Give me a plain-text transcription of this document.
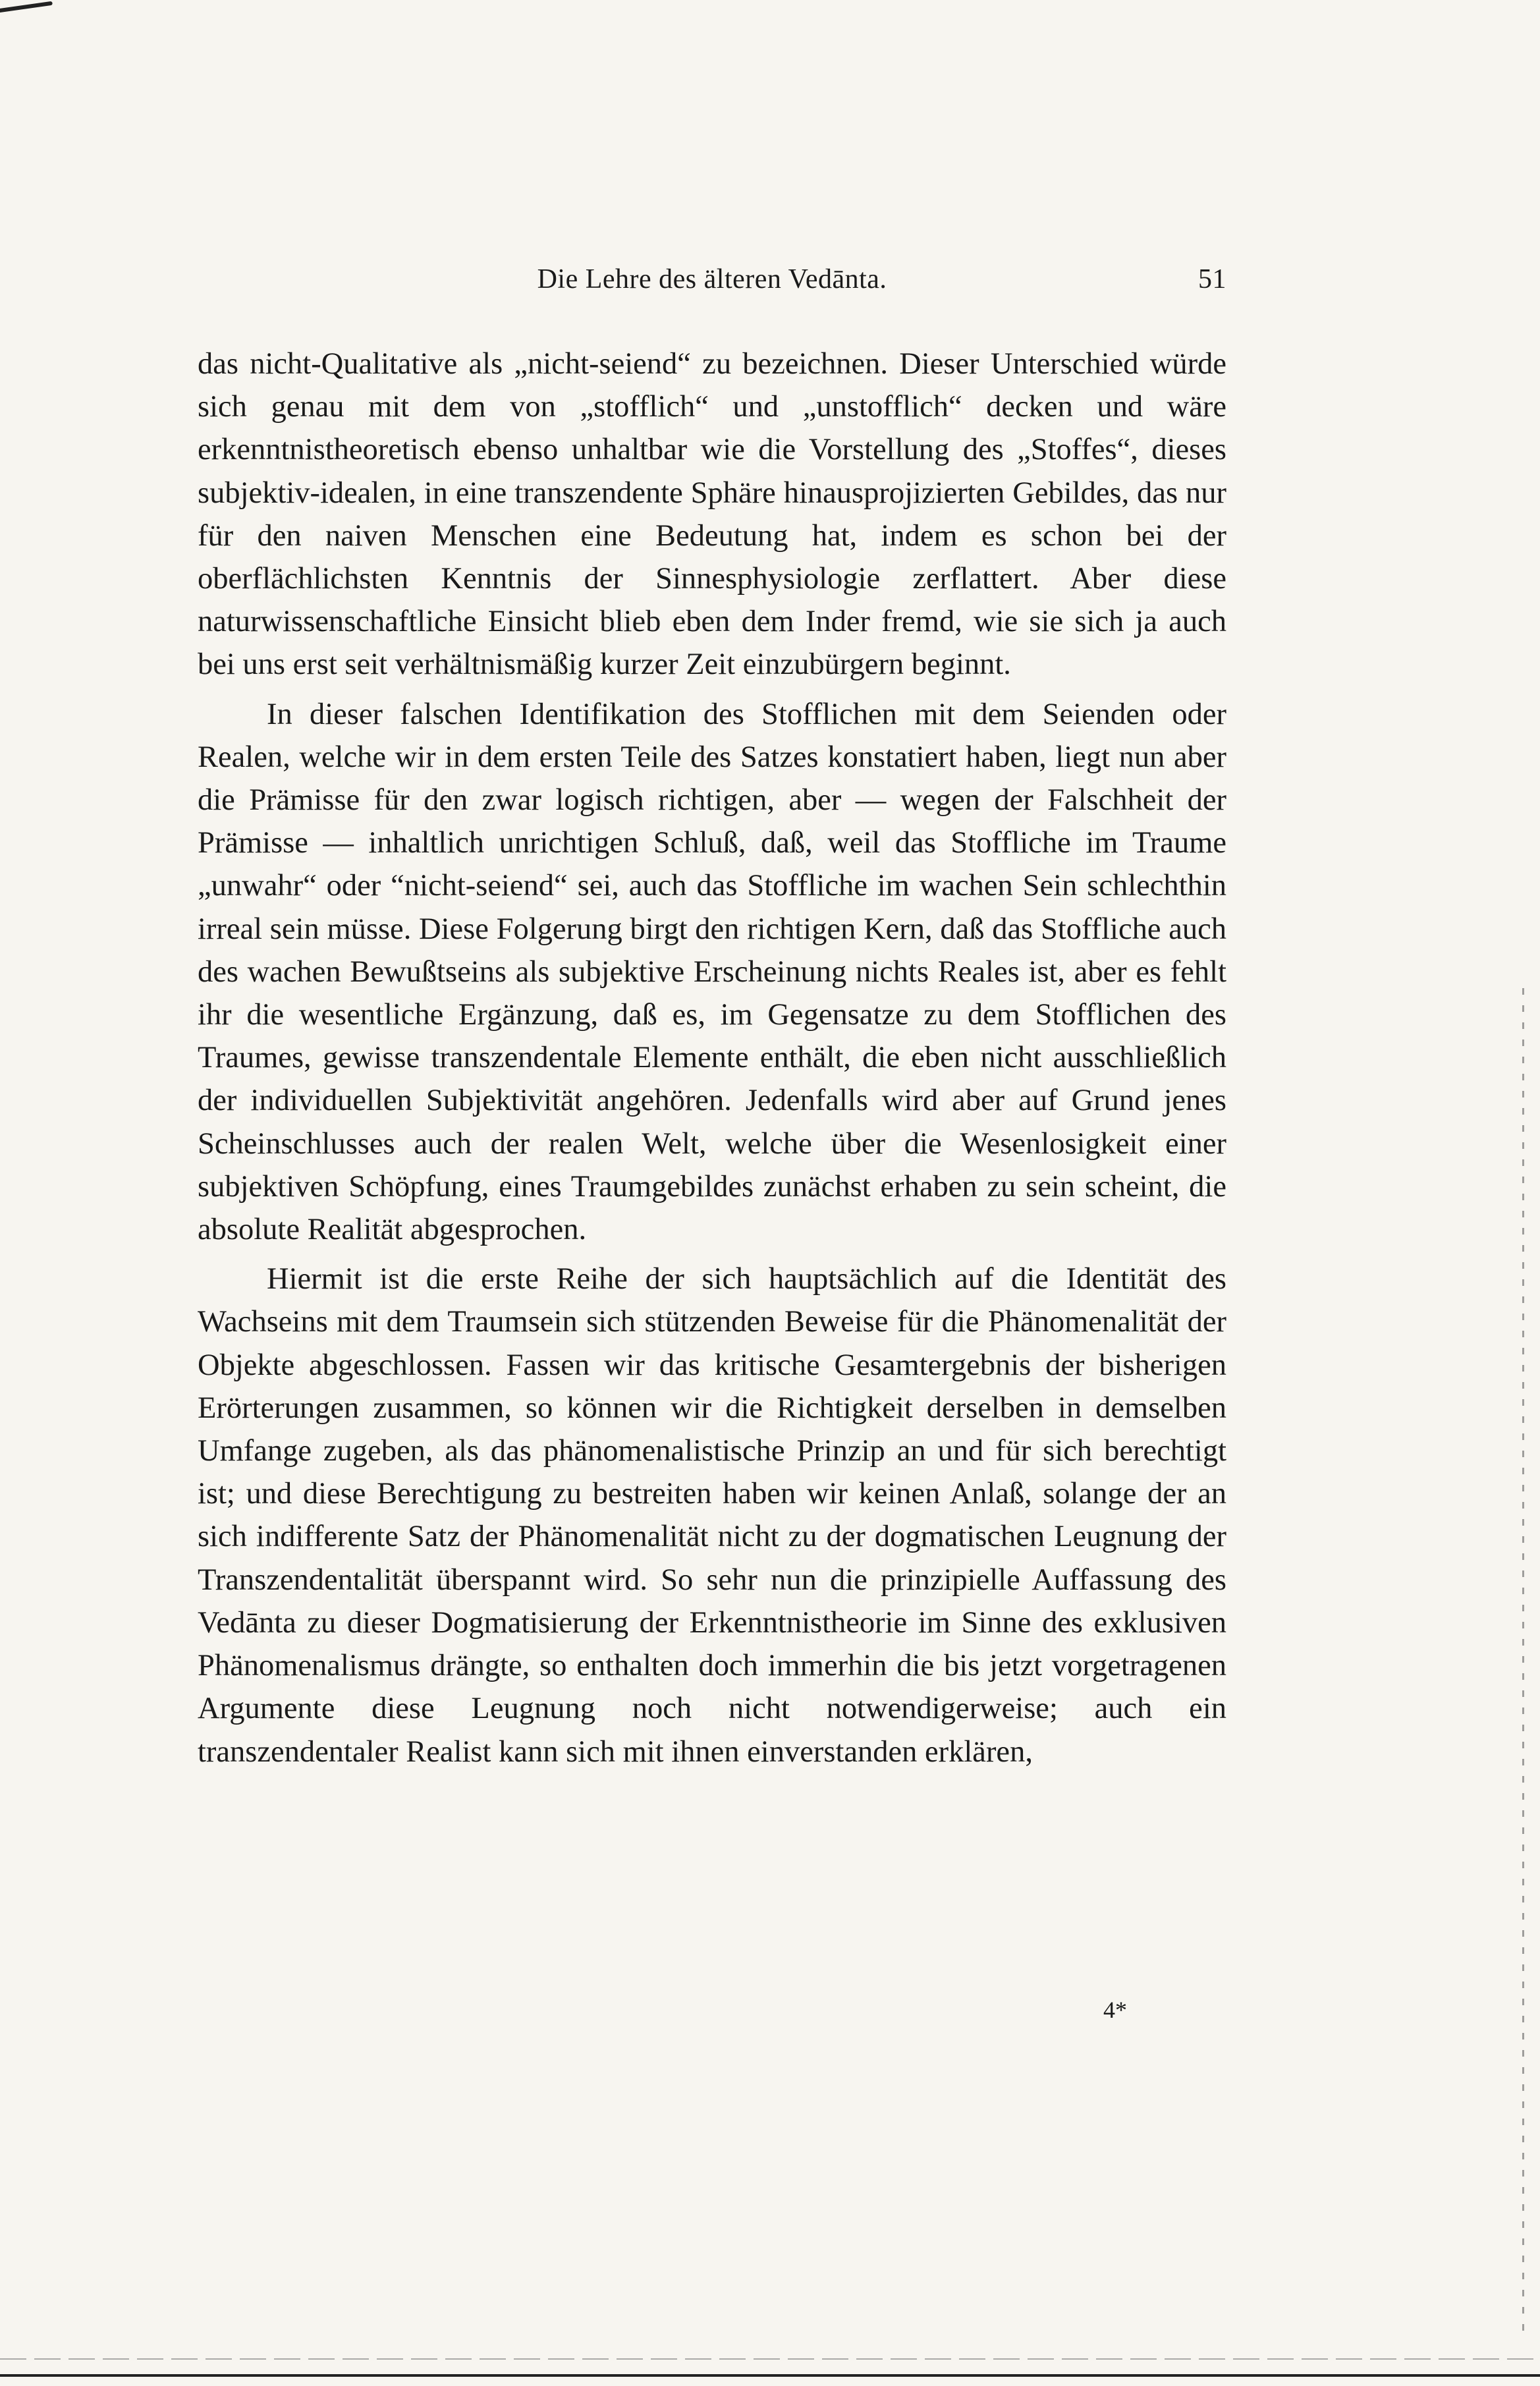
Die Lehre des älteren Vedānta.	51

das nicht-Qualitative als „nicht-seiend“ zu bezeichnen. Dieser Unterschied würde sich genau mit dem von „stofflich“ und „unstofflich“ decken und wäre erkenntnistheoretisch ebenso unhaltbar wie die Vorstellung des „Stoffes“, dieses subjektiv-idealen, in eine transzendente Sphäre hinausprojizierten Gebildes, das nur für den naiven Menschen eine Bedeutung hat, indem es schon bei der oberflächlichsten Kenntnis der Sinnesphysiologie zerflattert. Aber diese naturwissenschaftliche Einsicht blieb eben dem Inder fremd, wie sie sich ja auch bei uns erst seit verhältnismäßig kurzer Zeit einzubürgern beginnt.

In dieser falschen Identifikation des Stofflichen mit dem Seienden oder Realen, welche wir in dem ersten Teile des Satzes konstatiert haben, liegt nun aber die Prämisse für den zwar logisch richtigen, aber — wegen der Falschheit der Prämisse — inhaltlich unrichtigen Schluß, daß, weil das Stoffliche im Traume „unwahr“ oder “nicht-seiend“ sei, auch das Stoffliche im wachen Sein schlechthin irreal sein müsse. Diese Folgerung birgt den richtigen Kern, daß das Stoffliche auch des wachen Bewußtseins als subjektive Erscheinung nichts Reales ist, aber es fehlt ihr die wesentliche Ergänzung, daß es, im Gegensatze zu dem Stofflichen des Traumes, gewisse transzendentale Elemente enthält, die eben nicht ausschließlich der individuellen Subjektivität angehören. Jedenfalls wird aber auf Grund jenes Scheinschlusses auch der realen Welt, welche über die Wesenlosigkeit einer subjektiven Schöpfung, eines Traumgebildes zunächst erhaben zu sein scheint, die absolute Realität abgesprochen.

Hiermit ist die erste Reihe der sich hauptsächlich auf die Identität des Wachseins mit dem Traumsein sich stützenden Beweise für die Phänomenalität der Objekte abgeschlossen. Fassen wir das kritische Gesamtergebnis der bisherigen Erörterungen zusammen, so können wir die Richtigkeit derselben in demselben Umfange zugeben, als das phänomenalistische Prinzip an und für sich berechtigt ist; und diese Berechtigung zu bestreiten haben wir keinen Anlaß, solange der an sich indifferente Satz der Phänomenalität nicht zu der dogmatischen Leugnung der Transzendentalität überspannt wird. So sehr nun die prinzipielle Auffassung des Vedānta zu dieser Dogmatisierung der Erkenntnistheorie im Sinne des exklusiven Phänomenalismus drängte, so enthalten doch immerhin die bis jetzt vorgetragenen Argumente diese Leugnung noch nicht notwendigerweise; auch ein transzendentaler Realist kann sich mit ihnen einverstanden erklären,

4*
